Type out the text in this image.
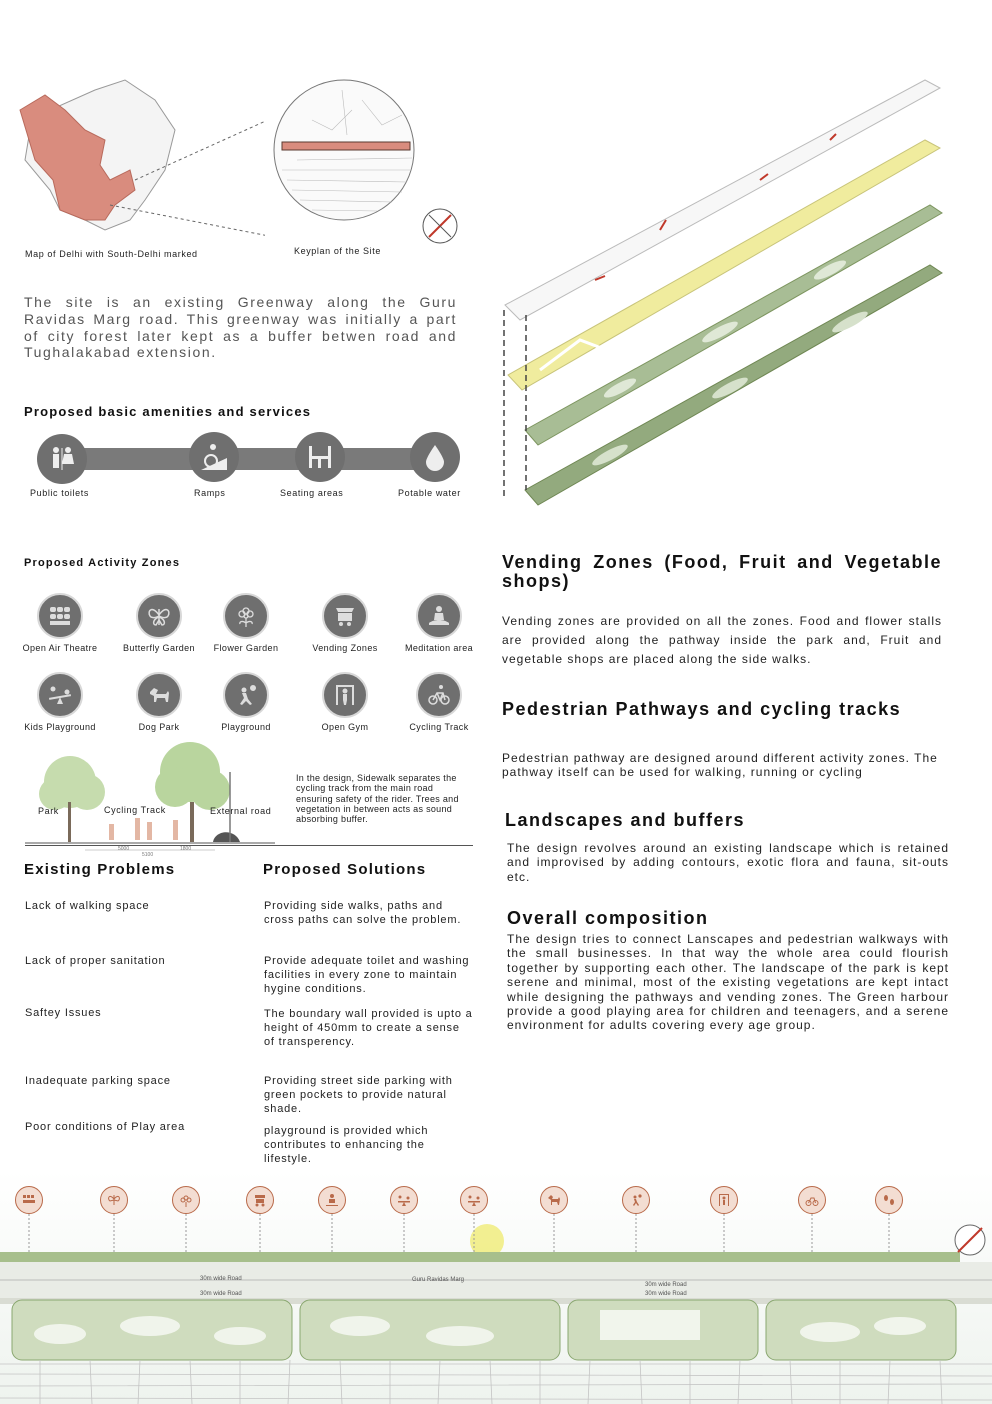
Map of Delhi with South-Delhi marked	Keyplan of the Site
The site is an existing Greenway along the Guru Ravidas Marg road. This greenway was initially a part of city forest later kept as a buffer betwen road and Tughalakabad extension.
Proposed basic amenities and services
Public toilets	Ramps	Seating areas	Potable water
Proposed Activity Zones
Open Air Theatre	Butterfly Garden	Flower Garden	Vending Zones	Meditation area
Kids Playground	Dog Park	Playground	Open Gym	Cycling Track
Park	Cycling Track	External road
5000	1800
5100
In the design, Sidewalk separates the cycling track from the main road ensuring safety of the rider. Trees and vegetation in between acts as sound absorbing buffer.
Existing Problems	Proposed Solutions
Lack of walking space	Providing side walks, paths and cross paths can solve the problem.
Lack of proper sanitation	Provide adequate toilet and washing facilities in every zone to maintain hygine conditions.
Saftey Issues	The boundary wall provided is upto a height of 450mm to create a sense of transperency.
Inadequate parking space	Providing street side parking with green pockets to provide natural shade.
Poor conditions of Play area	playground is provided which contributes to enhancing the lifestyle.
Vending Zones (Food, Fruit and Vegetable shops)
Vending zones are provided on all the zones. Food and flower stalls are provided along the pathway inside the park and, Fruit and vegetable shops are placed along the side walks.
Pedestrian Pathways and cycling tracks
Pedestrian pathway are designed around different activity zones. The pathway itself can be used for walking, running or cycling
Landscapes and buffers
The design revolves around an existing landscape which is retained and improvised by adding contours, exotic flora and fauna, sit-outs etc.
Overall composition
The design tries to connect Lanscapes and pedestrian walkways with the small businesses. In that way the whole area could flourish together by supporting each other. The landscape of the park is kept serene and minimal, most of the existing vegetations are kept intact while designing the pathways and vending zones. The Green harbour provide a good playing area for children and teenagers, and a serene environment for adults covering every age group.
30m wide Road	Guru Ravidas Marg
30m wide Road
30m wide Road
30m wide Road
